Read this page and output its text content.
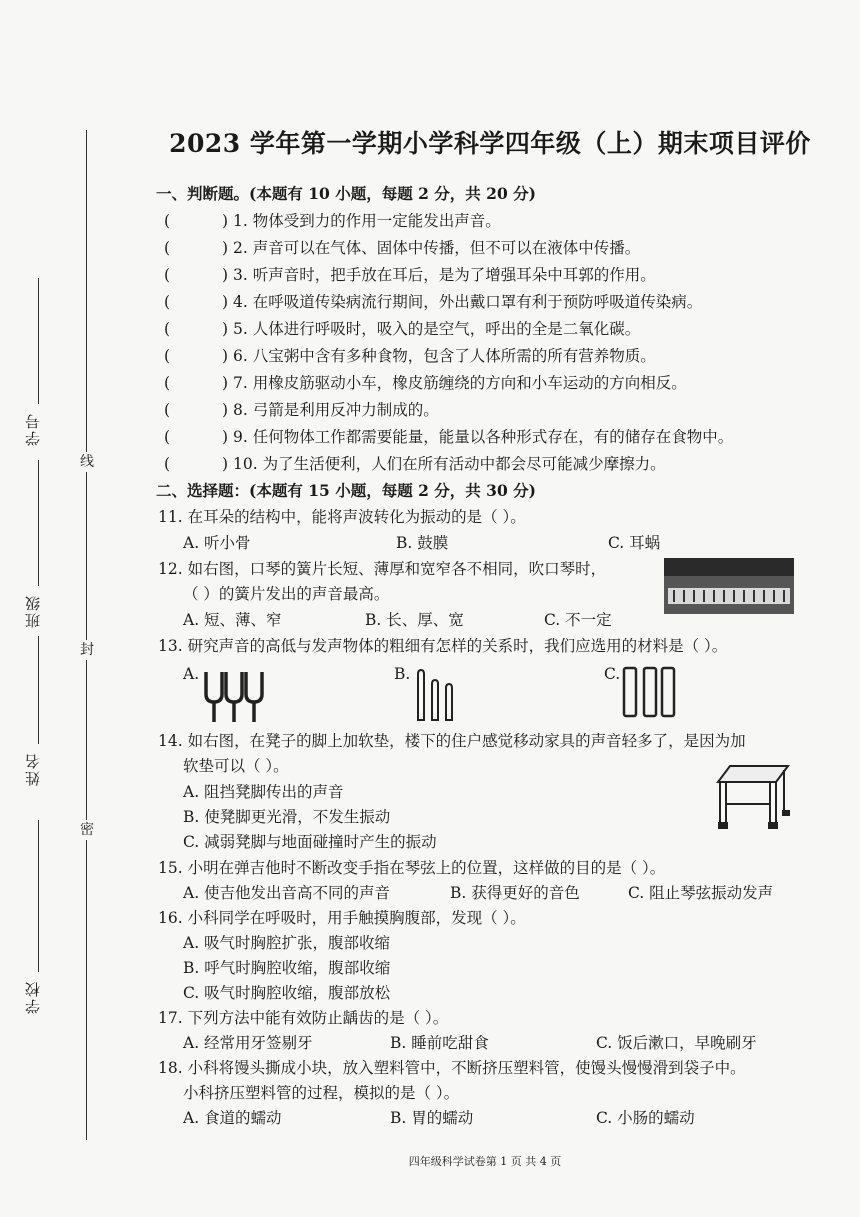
2023 学年第一学期小学科学四年级（上）期末项目评价
线
封
密
学号
班级
姓名
学校
一、判断题。(本题有 10 小题，每题 2 分，共 20 分)
(	) 1. 物体受到力的作用一定能发出声音。
(	) 2. 声音可以在气体、固体中传播，但不可以在液体中传播。
(	) 3. 听声音时，把手放在耳后，是为了增强耳朵中耳郭的作用。
(	) 4. 在呼吸道传染病流行期间，外出戴口罩有利于预防呼吸道传染病。
(	) 5. 人体进行呼吸时，吸入的是空气，呼出的全是二氧化碳。
(	) 6. 八宝粥中含有多种食物，包含了人体所需的所有营养物质。
(	) 7. 用橡皮筋驱动小车，橡皮筋缠绕的方向和小车运动的方向相反。
(	) 8. 弓箭是利用反冲力制成的。
(	) 9. 任何物体工作都需要能量，能量以各种形式存在，有的储存在食物中。
(	) 10. 为了生活便利，人们在所有活动中都会尽可能减少摩擦力。
二、选择题：(本题有 15 小题，每题 2 分，共 30 分)
11. 在耳朵的结构中，能将声波转化为振动的是（ ）。
A. 听小骨	B. 鼓膜	C. 耳蜗
12. 如右图，口琴的簧片长短、薄厚和宽窄各不相同，吹口琴时，
（ ）的簧片发出的声音最高。
A. 短、薄、窄	B. 长、厚、宽	C. 不一定
13. 研究声音的高低与发声物体的粗细有怎样的关系时，我们应选用的材料是（ ）。
A.	B.	C.
14. 如右图，在凳子的脚上加软垫，楼下的住户感觉移动家具的声音轻多了，是因为加
软垫可以（ ）。
A. 阻挡凳脚传出的声音
B. 使凳脚更光滑，不发生振动
C. 减弱凳脚与地面碰撞时产生的振动
15. 小明在弹吉他时不断改变手指在琴弦上的位置，这样做的目的是（ ）。
A. 使吉他发出音高不同的声音	B. 获得更好的音色	C. 阻止琴弦振动发声
16. 小科同学在呼吸时，用手触摸胸腹部，发现（ ）。
A. 吸气时胸腔扩张，腹部收缩
B. 呼气时胸腔收缩，腹部收缩
C. 吸气时胸腔收缩，腹部放松
17. 下列方法中能有效防止龋齿的是（ ）。
A. 经常用牙签剔牙	B. 睡前吃甜食	C. 饭后漱口，早晚刷牙
18. 小科将馒头撕成小块，放入塑料管中，不断挤压塑料管，使馒头慢慢滑到袋子中。
小科挤压塑料管的过程，模拟的是（ ）。
A. 食道的蠕动	B. 胃的蠕动	C. 小肠的蠕动
四年级科学试卷第 1 页 共 4 页
